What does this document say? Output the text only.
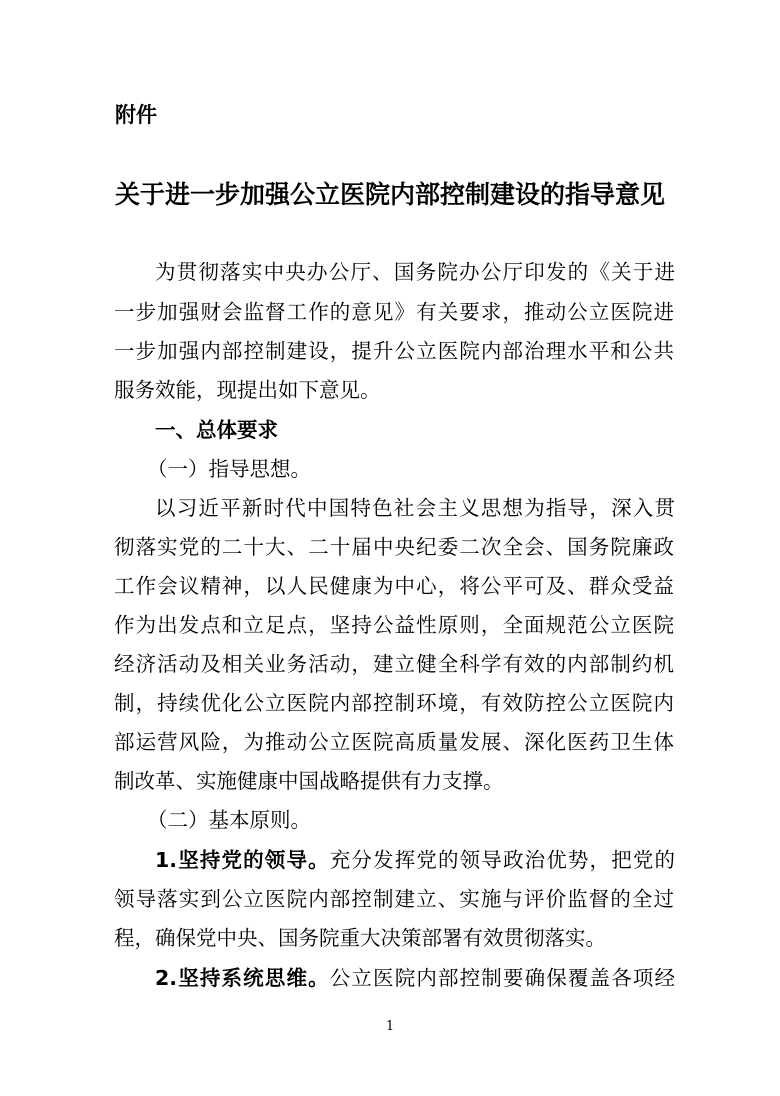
附件
关于进一步加强公立医院内部控制建设的指导意见
为贯彻落实中央办公厅、国务院办公厅印发的《关于进
一步加强财会监督工作的意见》有关要求，推动公立医院进
一步加强内部控制建设，提升公立医院内部治理水平和公共
服务效能，现提出如下意见。
一、总体要求
（一）指导思想。
以习近平新时代中国特色社会主义思想为指导，深入贯
彻落实党的二十大、二十届中央纪委二次全会、国务院廉政
工作会议精神，以人民健康为中心，将公平可及、群众受益
作为出发点和立足点，坚持公益性原则，全面规范公立医院
经济活动及相关业务活动，建立健全科学有效的内部制约机
制，持续优化公立医院内部控制环境，有效防控公立医院内
部运营风险，为推动公立医院高质量发展、深化医药卫生体
制改革、实施健康中国战略提供有力支撑。
（二）基本原则。
1.坚持党的领导。充分发挥党的领导政治优势，把党的
领导落实到公立医院内部控制建立、实施与评价监督的全过
程，确保党中央、国务院重大决策部署有效贯彻落实。
2.坚持系统思维。公立医院内部控制要确保覆盖各项经
1
